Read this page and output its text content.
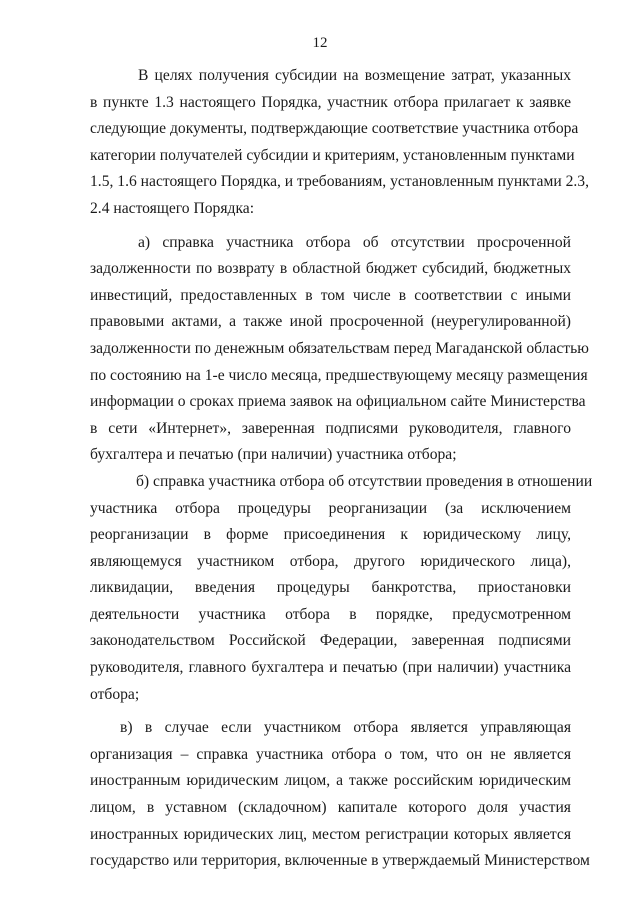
12
В целях получения субсидии на возмещение затрат, указанных
в пункте 1.3 настоящего Порядка, участник отбора прилагает к заявке
следующие документы, подтверждающие соответствие участника отбора
категории получателей субсидии и критериям, установленным пунктами
1.5, 1.6 настоящего Порядка, и требованиям, установленным пунктами 2.3,
2.4 настоящего Порядка:
а) справка участника отбора об отсутствии просроченной
задолженности по возврату в областной бюджет субсидий, бюджетных
инвестиций, предоставленных в том числе в соответствии с иными
правовыми актами, а также иной просроченной (неурегулированной)
задолженности по денежным обязательствам перед Магаданской областью
по состоянию на 1-е число месяца, предшествующему месяцу размещения
информации о сроках приема заявок на официальном сайте Министерства
в сети «Интернет», заверенная подписями руководителя, главного
бухгалтера и печатью (при наличии) участника отбора;
б) справка участника отбора об отсутствии проведения в отношении
участника отбора процедуры реорганизации (за исключением
реорганизации в форме присоединения к юридическому лицу,
являющемуся участником отбора, другого юридического лица),
ликвидации, введения процедуры банкротства, приостановки
деятельности участника отбора в порядке, предусмотренном
законодательством Российской Федерации, заверенная подписями
руководителя, главного бухгалтера и печатью (при наличии) участника
отбора;
в) в случае если участником отбора является управляющая
организация – справка участника отбора о том, что он не является
иностранным юридическим лицом, а также российским юридическим
лицом, в уставном (складочном) капитале которого доля участия
иностранных юридических лиц, местом регистрации которых является
государство или территория, включенные в утверждаемый Министерством
